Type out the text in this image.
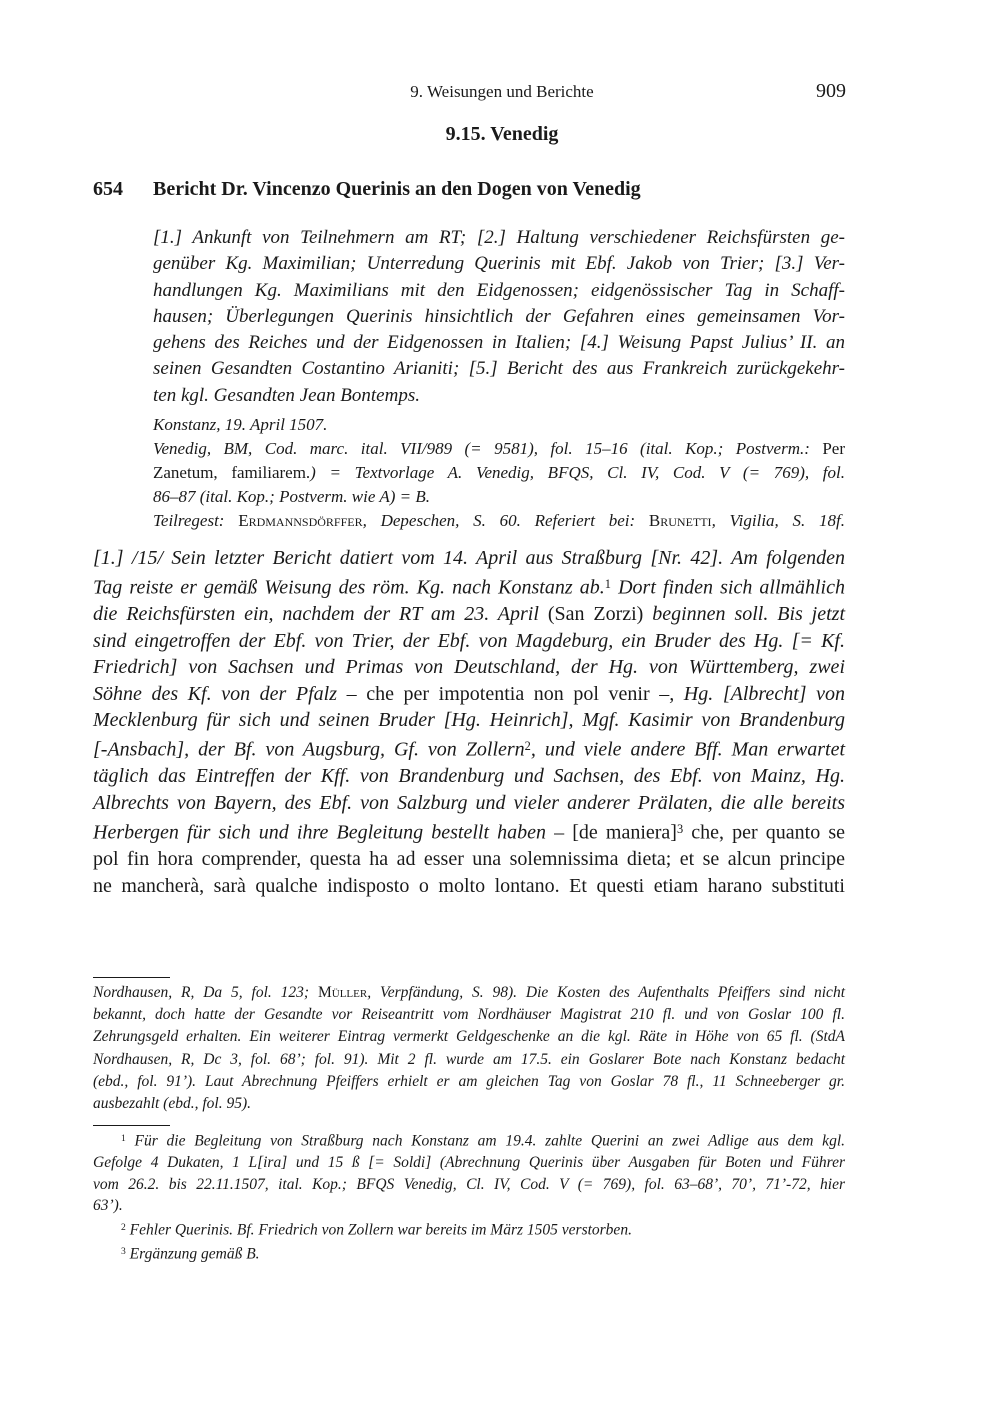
9. Weisungen und Berichte	909
9.15. Venedig
654 Bericht Dr. Vincenzo Querinis an den Dogen von Venedig
[1.] Ankunft von Teilnehmern am RT; [2.] Haltung verschiedener Reichsfürsten ge-
genüber Kg. Maximilian; Unterredung Querinis mit Ebf. Jakob von Trier; [3.] Ver-
handlungen Kg. Maximilians mit den Eidgenossen; eidgenössischer Tag in Schaff-
hausen; Überlegungen Querinis hinsichtlich der Gefahren eines gemeinsamen Vor-
gehens des Reiches und der Eidgenossen in Italien; [4.] Weisung Papst Julius’ II. an
seinen Gesandten Costantino Arianiti; [5.] Bericht des aus Frankreich zurückgekehr-
ten kgl. Gesandten Jean Bontemps.
Konstanz, 19. April 1507.
Venedig, BM, Cod. marc. ital. VII/989 (= 9581), fol. 15–16 (ital. Kop.; Postverm.: Per
Zanetum, familiarem.) = Textvorlage A. Venedig, BFQS, Cl. IV, Cod. V (= 769), fol.
86–87 (ital. Kop.; Postverm. wie A) = B.
Teilregest: Erdmannsdörffer, Depeschen, S. 60. Referiert bei: Brunetti, Vigilia, S. 18f.
[1.] /15/ Sein letzter Bericht datiert vom 14. April aus Straßburg [Nr. 42]. Am folgenden
Tag reiste er gemäß Weisung des röm. Kg. nach Konstanz ab.$^1$ Dort finden sich allmählich
die Reichsfürsten ein, nachdem der RT am 23. April (San Zorzi) beginnen soll. Bis jetzt
sind eingetroffen der Ebf. von Trier, der Ebf. von Magdeburg, ein Bruder des Hg. [= Kf.
Friedrich] von Sachsen und Primas von Deutschland, der Hg. von Württemberg, zwei
Söhne des Kf. von der Pfalz – che per impotentia non pol venir –, Hg. [Albrecht] von
Mecklenburg für sich und seinen Bruder [Hg. Heinrich], Mgf. Kasimir von Brandenburg
[-Ansbach], der Bf. von Augsburg, Gf. von Zollern$^2$, und viele andere Bff. Man erwartet
täglich das Eintreffen der Kff. von Brandenburg und Sachsen, des Ebf. von Mainz, Hg.
Albrechts von Bayern, des Ebf. von Salzburg und vieler anderer Prälaten, die alle bereits
Herbergen für sich und ihre Begleitung bestellt haben – [de maniera]$^3$ che, per quanto se
pol fin hora comprender, questa ha ad esser una solemnissima dieta; et se alcun principe
ne mancherà, sarà qualche indisposto o molto lontano. Et questi etiam harano substituti
Nordhausen, R, Da 5, fol. 123; Müller, Verpfändung, S. 98). Die Kosten des Aufenthalts Pfeiffers sind nicht
bekannt, doch hatte der Gesandte vor Reiseantritt vom Nordhäuser Magistrat 210 fl. und von Goslar 100 fl.
Zehrungsgeld erhalten. Ein weiterer Eintrag vermerkt Geldgeschenke an die kgl. Räte in Höhe von 65 fl. (StdA
Nordhausen, R, Dc 3, fol. 68’; fol. 91). Mit 2 fl. wurde am 17.5. ein Goslarer Bote nach Konstanz bedacht
(ebd., fol. 91’). Laut Abrechnung Pfeiffers erhielt er am gleichen Tag von Goslar 78 fl., 11 Schneeberger gr.
ausbezahlt (ebd., fol. 95).
$^1$ Für die Begleitung von Straßburg nach Konstanz am 19.4. zahlte Querini an zwei Adlige aus dem kgl.
Gefolge 4 Dukaten, 1 L[ira] und 15 ß [= Soldi] (Abrechnung Querinis über Ausgaben für Boten und Führer
vom 26.2. bis 22.11.1507, ital. Kop.; BFQS Venedig, Cl. IV, Cod. V (= 769), fol. 63–68’, 70’, 71’-72, hier
63’).
$^2$ Fehler Querinis. Bf. Friedrich von Zollern war bereits im März 1505 verstorben.
$^3$ Ergänzung gemäß B.
